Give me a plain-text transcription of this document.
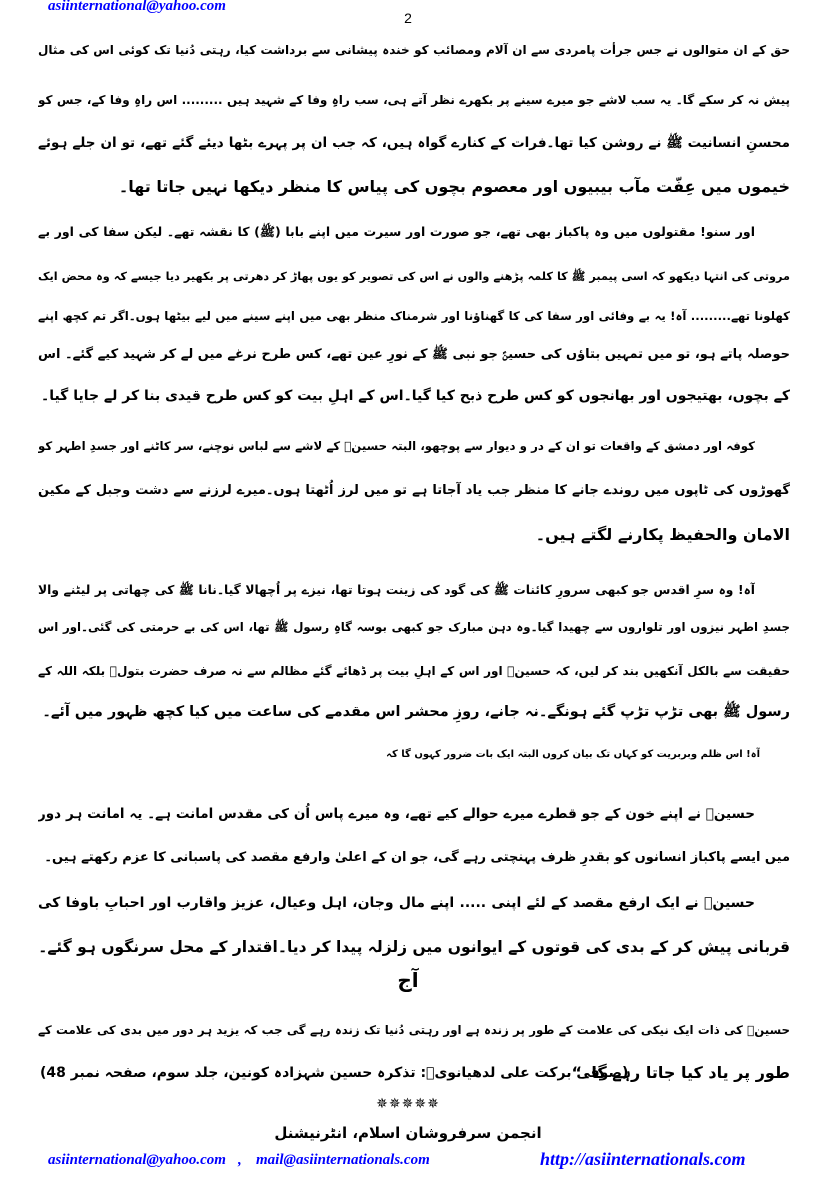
asiinternational@yahoo.com
2
حق کے ان متوالوں نے جس جرأت پامردی سے ان آلام ومصائب کو خندہ پیشانی سے برداشت کیا، رہتی دُنیا تک کوئی اس کی مثال
پیش نہ کر سکے گا۔ یہ سب لاشے جو میرے سینے پر بکھرے نظر آتے ہی، سب راہِ وفا کے شہید ہیں ......... اس راہِ وفا کے، جس کو
محسنِ انسانیت ﷺ نے روشن کیا تھا۔فرات کے کنارے گواہ ہیں، کہ جب ان پر پہرے بٹھا دیئے گئے تھے، تو ان جلے ہوئے
خیموں میں عِفّت مآب بیبیوں اور معصوم بچوں کی پیاس کا منظر دیکھا نہیں جاتا تھا۔
اور سنو! مقتولوں میں وہ پاکباز بھی تھے، جو صورت اور سیرت میں اپنے بابا (ﷺ) کا نقشہ تھے۔ لیکن سفا کی اور بے
مروتی کی انتہا دیکھو کہ اسی پیمبر ﷺ کا کلمہ پڑھنے والوں نے اس کی تصویر کو یوں پھاڑ کر دھرتی پر بکھیر دیا جیسے کہ وہ محض ایک
کھلونا تھے......... آہ! یہ بے وفائی اور سفا کی کا گھناؤنا اور شرمناک منظر بھی میں اپنے سینے میں لیے بیٹھا ہوں۔اگر تم کچھ اپنے
حوصلہ پاتے ہو، تو میں تمہیں بتاؤں کی حسینؑ جو نبی ﷺ کے نورِ عین تھے، کس طرح نرغے میں لے کر شہید کیے گئے۔ اس
کے بچوں، بھتیجوں اور بھانجوں کو کس طرح ذبح کیا گیا۔اس کے اہلِ بیت کو کس طرح قیدی بنا کر لے جایا گیا۔
کوفہ اور دمشق کے واقعات تو ان کے در و دیوار سے پوچھو، البتہ حسینؑ کے لاشے سے لباس نوچنے، سر کاٹنے اور جسدِ اطہر کو
گھوڑوں کی ٹاپوں میں روندے جانے کا منظر جب یاد آجاتا ہے تو میں لرز اُٹھتا ہوں۔میرے لرزنے سے دشت وجبل کے مکین
الامان والحفیظ پکارنے لگتے ہیں۔
آہ! وہ سرِ اقدس جو کبھی سرورِ کائنات ﷺ کی گود کی زینت ہوتا تھا، نیزے پر اُچھالا گیا۔نانا ﷺ کی چھاتی پر لیٹنے والا
جسدِ اطہر نیزوں اور تلواروں سے چھیدا گیا۔وہ دہن مبارک جو کبھی بوسہ گاہِ رسول ﷺ تھا، اس کی بے حرمتی کی گئی۔اور اس
حقیقت سے بالکل آنکھیں بند کر لیں، کہ حسینؑ اور اس کے اہلِ بیت پر ڈھائے گئے مظالم سے نہ صرف حضرت بتولؑ بلکہ اللہ کے
رسول ﷺ بھی تڑپ تڑپ گئے ہونگے۔نہ جانے، روزِ محشر اس مقدمے کی ساعت میں کیا کچھ ظہور میں آئے۔
آہ! اس ظلم وبربریت کو کہاں تک بیان کروں البتہ ایک بات ضرور کہوں گا کہ
حسینؑ نے اپنے خون کے جو قطرے میرے حوالے کیے تھے، وہ میرے پاس اُن کی مقدس امانت ہے۔ یہ امانت ہر دور
میں ایسے پاکباز انسانوں کو بقدرِ ظرف پہنچتی رہے گی، جو ان کے اعلیٰ وارفع مقصد کی پاسبانی کا عزم رکھتے ہیں۔
حسینؑ نے ایک ارفع مقصد کے لئے اپنی ..... اپنے مال وجان، اہل وعیال، عزیز واقارب اور احبابِ باوفا کی
قربانی پیش کر کے بدی کی قوتوں کے ایوانوں میں زلزلہ پیدا کر دیا۔اقتدار کے محل سرنگوں ہو گئے۔
آج
حسینؑ کی ذات ایک نیکی کی علامت کے طور پر زندہ ہے اور رہتی دُنیا تک زندہ رہے گی جب کہ یزید ہر دور میں بدی کی علامت کے
طور پر یاد کیا جاتا رہے گا۔“
(صوفی برکت علی لدھیانویؒ: تذکرہ حسین شہزادہ کونین، جلد سوم، صفحہ نمبر 48)
✵✵✵✵✵
انجمن سرفروشان اسلام، انٹرنیشنل
asiinternational@yahoo.com , mail@asiinternationals.com	http://asiinternationals.com
